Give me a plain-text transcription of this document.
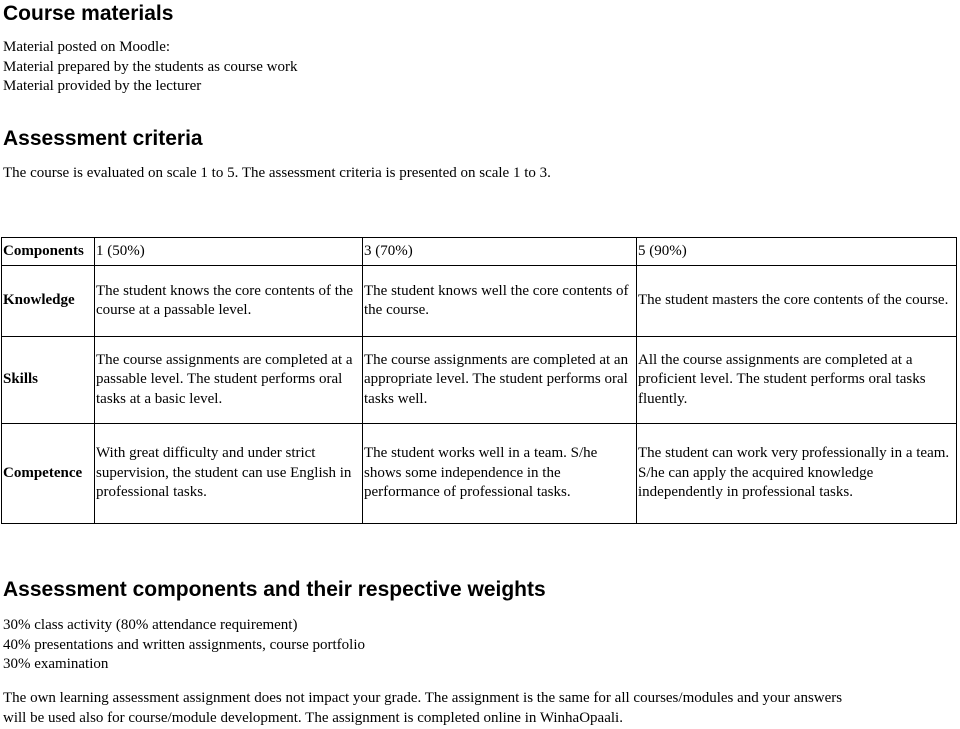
Course materials
Material posted on Moodle:
Material prepared by the students as course work
Material provided by the lecturer
Assessment criteria
The course is evaluated on scale 1 to 5. The assessment criteria is presented on scale 1 to 3.
Components	1 (50%)	3 (70%)	5 (90%)
Knowledge	The student knows the core contents of the course at a passable level.	The student knows well the core contents of the course.	The student masters the core contents of the course.
Skills	The course assignments are completed at a passable level. The student performs oral tasks at a basic level.	The course assignments are completed at an appropriate level. The student performs oral tasks well.	All the course assignments are completed at a proficient level. The student performs oral tasks fluently.
Competence	With great difficulty and under strict supervision, the student can use English in professional tasks.	The student works well in a team. S/he shows some independence in the performance of professional tasks.	The student can work very professionally in a team. S/he can apply the acquired knowledge independently in professional tasks.
Assessment components and their respective weights
30% class activity (80% attendance requirement)
40% presentations and written assignments, course portfolio
30% examination
The own learning assessment assignment does not impact your grade. The assignment is the same for all courses/modules and your answers
will be used also for course/module development. The assignment is completed online in WinhaOpaali.
